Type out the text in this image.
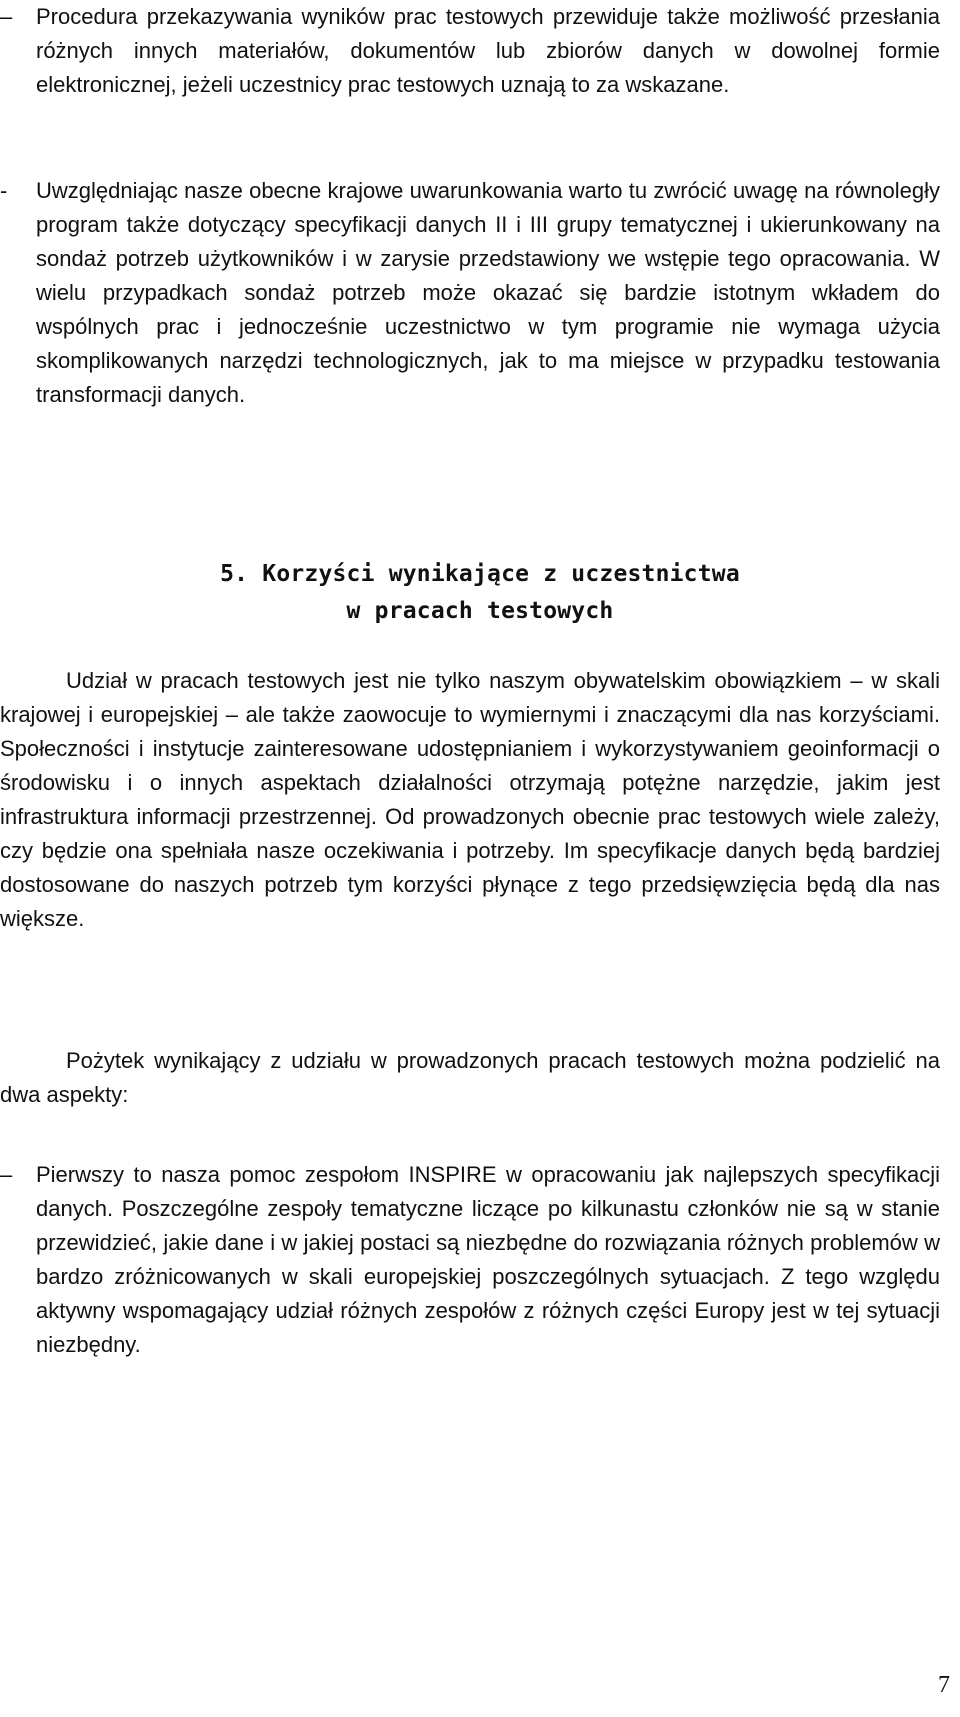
–	Procedura przekazywania wyników prac testowych przewiduje także możliwość przesłania różnych innych materiałów, dokumentów lub zbiorów danych w dowolnej formie elektronicznej, jeżeli uczestnicy prac testowych uznają to za wskazane.
-	Uwzględniając nasze obecne krajowe uwarunkowania warto tu zwrócić uwagę na równoległy program także dotyczący specyfikacji danych II i III grupy tematycznej i ukierunkowany na sondaż potrzeb użytkowników i w zarysie przedstawiony we wstępie tego opracowania. W wielu przypadkach sondaż potrzeb może okazać się bardzie istotnym wkładem do wspólnych prac i jednocześnie uczestnictwo w tym programie nie wymaga użycia skomplikowanych narzędzi technologicznych, jak to ma miejsce w przypadku testowania transformacji danych.
5. Korzyści wynikające z uczestnictwa
w pracach testowych
Udział w pracach testowych jest nie tylko naszym obywatelskim obowiązkiem – w skali krajowej i europejskiej – ale także zaowocuje to wymiernymi i znaczącymi dla nas korzyściami. Społeczności i instytucje zainteresowane udostępnianiem i wykorzystywaniem geoinformacji o środowisku i o innych aspektach działalności otrzymają potężne narzędzie, jakim jest infrastruktura informacji przestrzennej. Od prowadzonych obecnie prac testowych wiele zależy, czy będzie ona spełniała nasze oczekiwania i potrzeby. Im specyfikacje danych będą bardziej dostosowane do naszych potrzeb tym korzyści płynące z tego przedsięwzięcia będą dla nas większe.
Pożytek wynikający z udziału w prowadzonych pracach testowych można podzielić na dwa aspekty:
–	Pierwszy to nasza pomoc zespołom INSPIRE w opracowaniu jak najlepszych specyfikacji danych. Poszczególne zespoły tematyczne liczące po kilkunastu członków nie są w stanie przewidzieć, jakie dane i w jakiej postaci są niezbędne do rozwiązania różnych problemów w bardzo zróżnicowanych w skali europejskiej poszczególnych sytuacjach. Z tego względu aktywny wspomagający udział różnych zespołów z różnych części Europy jest w tej sytuacji niezbędny.
7
